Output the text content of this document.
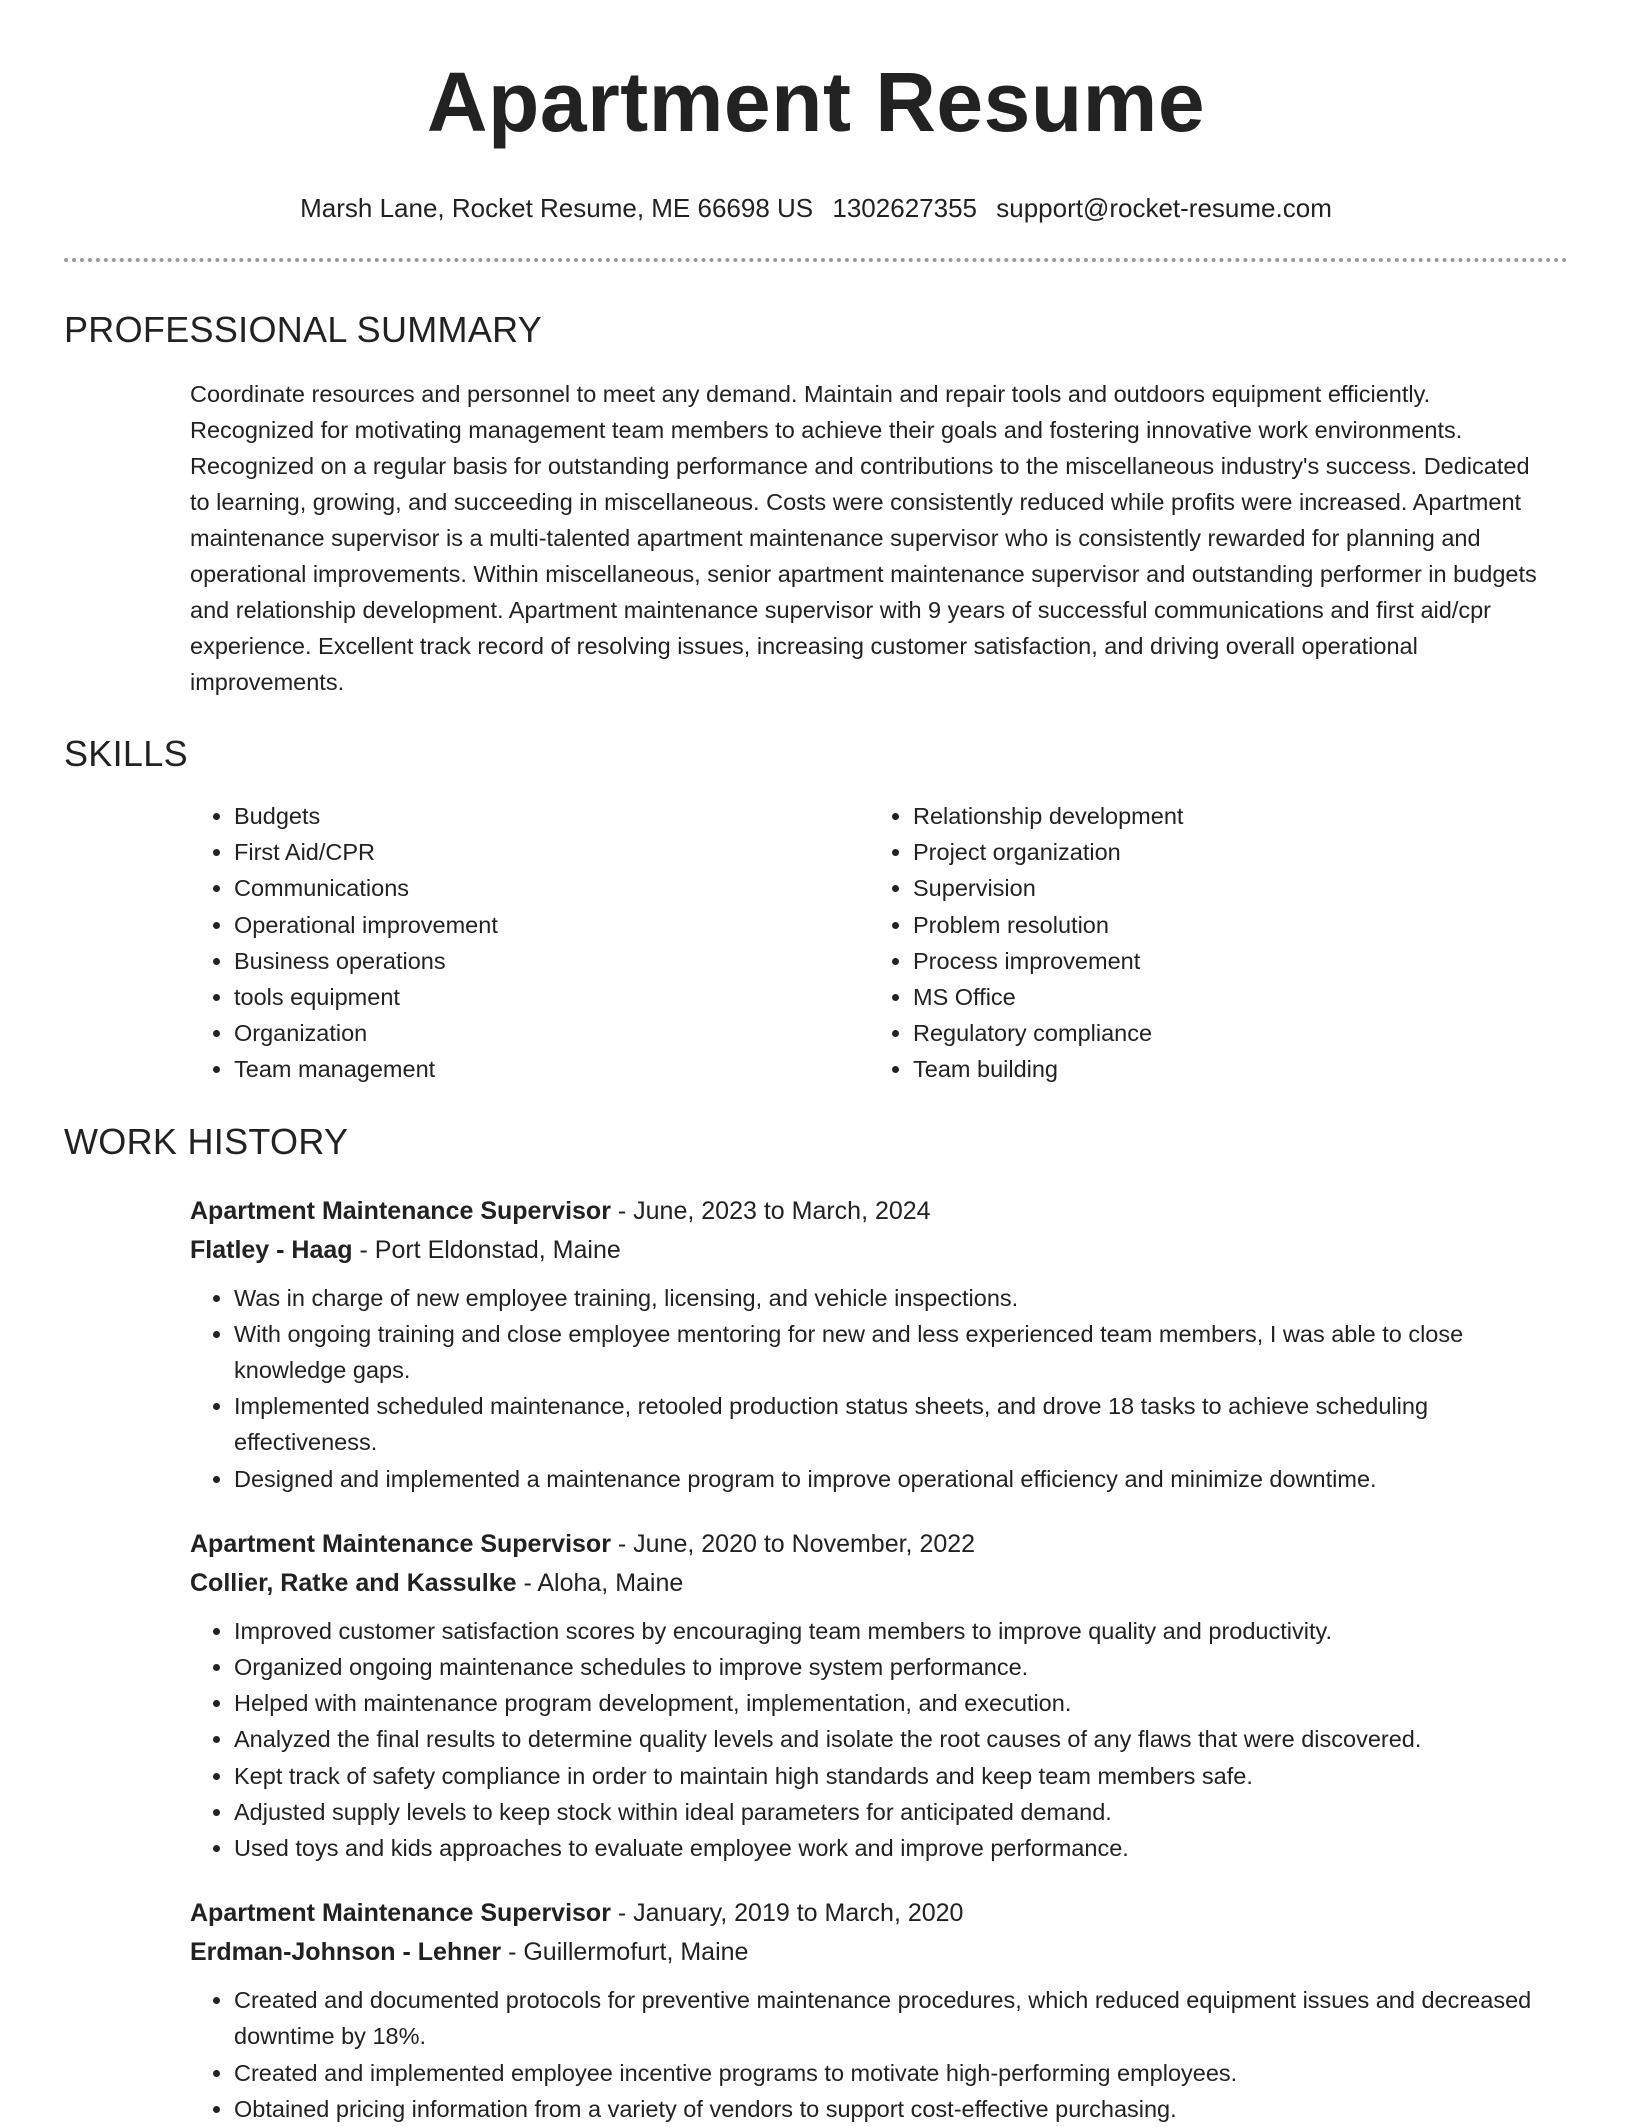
Apartment Resume
Marsh Lane, Rocket Resume, ME 66698 US 1302627355 support@rocket-resume.com
PROFESSIONAL SUMMARY

Coordinate resources and personnel to meet any demand. Maintain and repair tools and outdoors equipment efficiently. Recognized for motivating management team members to achieve their goals and fostering innovative work environments. Recognized on a regular basis for outstanding performance and contributions to the miscellaneous industry's success. Dedicated to learning, growing, and succeeding in miscellaneous. Costs were consistently reduced while profits were increased. Apartment maintenance supervisor is a multi-talented apartment maintenance supervisor who is consistently rewarded for planning and operational improvements. Within miscellaneous, senior apartment maintenance supervisor and outstanding performer in budgets and relationship development. Apartment maintenance supervisor with 9 years of successful communications and first aid/cpr experience. Excellent track record of resolving issues, increasing customer satisfaction, and driving overall operational improvements.

SKILLS
• Budgets
• First Aid/CPR
• Communications
• Operational improvement
• Business operations
• tools equipment
• Organization
• Team management
• Relationship development
• Project organization
• Supervision
• Problem resolution
• Process improvement
• MS Office
• Regulatory compliance
• Team building
WORK HISTORY
Apartment Maintenance Supervisor - June, 2023 to March, 2024
Flatley - Haag - Port Eldonstad, Maine
• Was in charge of new employee training, licensing, and vehicle inspections.
• With ongoing training and close employee mentoring for new and less experienced team members, I was able to close knowledge gaps.
• Implemented scheduled maintenance, retooled production status sheets, and drove 18 tasks to achieve scheduling effectiveness.
• Designed and implemented a maintenance program to improve operational efficiency and minimize downtime.
Apartment Maintenance Supervisor - June, 2020 to November, 2022
Collier, Ratke and Kassulke - Aloha, Maine
• Improved customer satisfaction scores by encouraging team members to improve quality and productivity.
• Organized ongoing maintenance schedules to improve system performance.
• Helped with maintenance program development, implementation, and execution.
• Analyzed the final results to determine quality levels and isolate the root causes of any flaws that were discovered.
• Kept track of safety compliance in order to maintain high standards and keep team members safe.
• Adjusted supply levels to keep stock within ideal parameters for anticipated demand.
• Used toys and kids approaches to evaluate employee work and improve performance.
Apartment Maintenance Supervisor - January, 2019 to March, 2020
Erdman-Johnson - Lehner - Guillermofurt, Maine
• Created and documented protocols for preventive maintenance procedures, which reduced equipment issues and decreased downtime by 18%.
• Created and implemented employee incentive programs to motivate high-performing employees.
• Obtained pricing information from a variety of vendors to support cost-effective purchasing.
